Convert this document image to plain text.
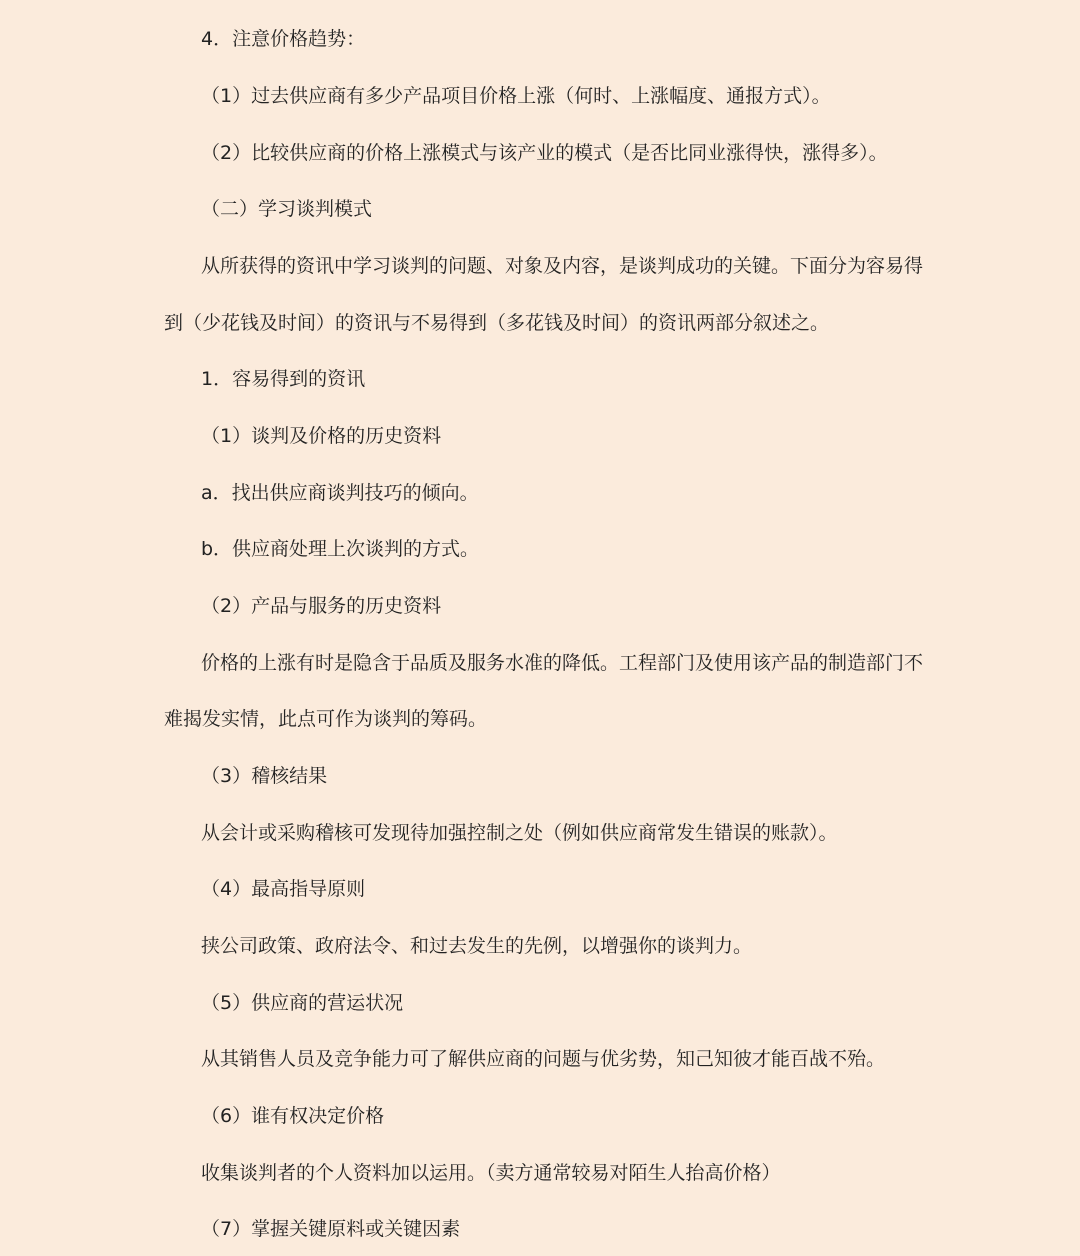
4．注意价格趋势：
（1）过去供应商有多少产品项目价格上涨（何时、上涨幅度、通报方式）。
（2）比较供应商的价格上涨模式与该产业的模式（是否比同业涨得快，涨得多）。
（二）学习谈判模式
从所获得的资讯中学习谈判的问题、对象及内容，是谈判成功的关键。下面分为容易得
到（少花钱及时间）的资讯与不易得到（多花钱及时间）的资讯两部分叙述之。
1．容易得到的资讯
（1）谈判及价格的历史资料
a．找出供应商谈判技巧的倾向。
b．供应商处理上次谈判的方式。
（2）产品与服务的历史资料
价格的上涨有时是隐含于品质及服务水准的降低。工程部门及使用该产品的制造部门不
难揭发实情，此点可作为谈判的筹码。
（3）稽核结果
从会计或采购稽核可发现待加强控制之处（例如供应商常发生错误的账款）。
（4）最高指导原则
挟公司政策、政府法令、和过去发生的先例，以增强你的谈判力。
（5）供应商的营运状况
从其销售人员及竞争能力可了解供应商的问题与优劣势，知己知彼才能百战不殆。
（6）谁有权决定价格
收集谈判者的个人资料加以运用。（卖方通常较易对陌生人抬高价格）
（7）掌握关键原料或关键因素
